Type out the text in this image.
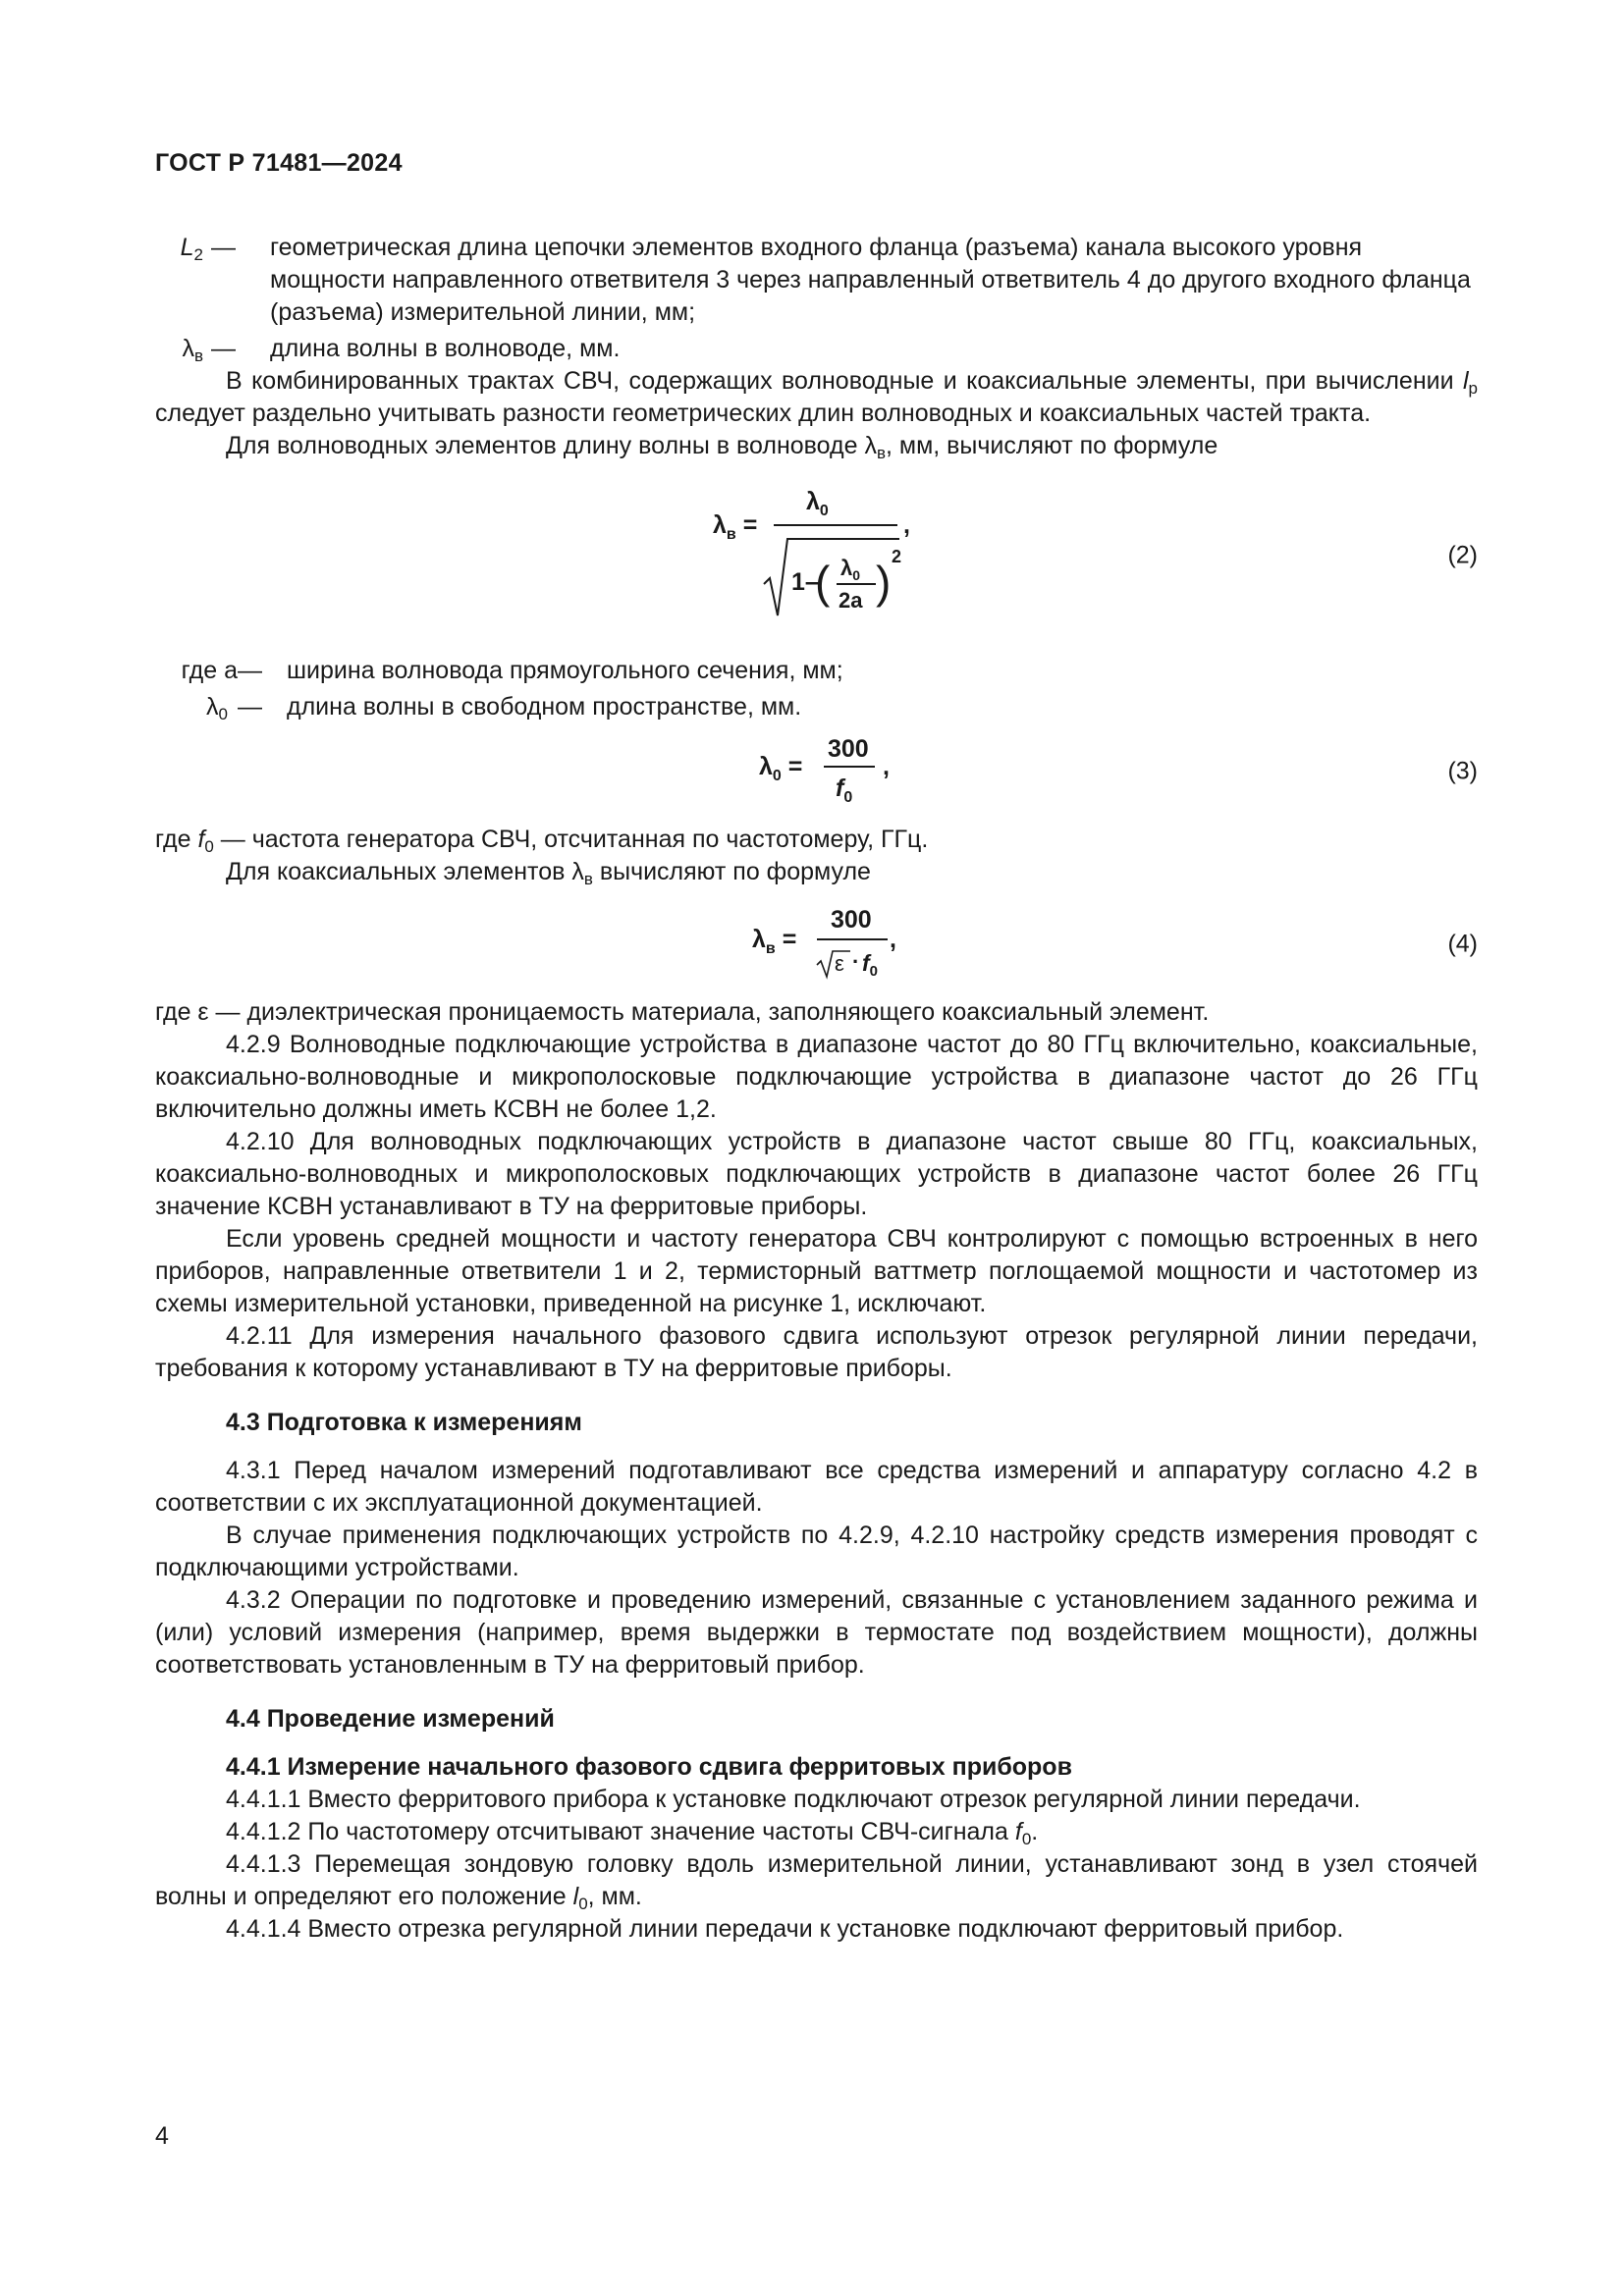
ГОСТ Р 71481—2024
$L_2$ —	геометрическая длина цепочки элементов входного фланца (разъема) канала высокого уровня мощности направленного ответвителя 3 через направленный ответвитель 4 до другого входного фланца (разъема) измерительной линии, мм;
$\lambda_в$ —	длина волны в волноводе, мм.

В комбинированных трактах СВЧ, содержащих волноводные и коаксиальные элементы, при вычислении $l_p$ следует раздельно учитывать разности геометрических длин волноводных и коаксиальных частей тракта.

Для волноводных элементов длину волны в волноводе $\lambda_в$, мм, вычисляют по формуле

$\lambda_в$ =
$\lambda_0$
1–
( $\lambda_0$
2a ) 2
,
(2)
где a —	ширина волновода прямоугольного сечения, мм;
$\lambda_0$ —	длина волны в свободном пространстве, мм.
$\lambda_0$ =
300
$f_0$
,	(3)

где $f_0$ — частота генератора СВЧ, отсчитанная по частотомеру, ГГц.

Для коаксиальных элементов $\lambda_в$ вычисляют по формуле

$\lambda_в$ =
300
$\varepsilon \cdot f_0$
,	(4)

где ε — диэлектрическая проницаемость материала, заполняющего коаксиальный элемент.

4.2.9 Волноводные подключающие устройства в диапазоне частот до 80 ГГц включительно, коаксиальные, коаксиально-волноводные и микрополосковые подключающие устройства в диапазоне частот до 26 ГГц включительно должны иметь КСВН не более 1,2.

4.2.10 Для волноводных подключающих устройств в диапазоне частот свыше 80 ГГц, коаксиальных, коаксиально-волноводных и микрополосковых подключающих устройств в диапазоне частот более 26 ГГц значение КСВН устанавливают в ТУ на ферритовые приборы.

Если уровень средней мощности и частоту генератора СВЧ контролируют с помощью встроенных в него приборов, направленные ответвители 1 и 2, термисторный ваттметр поглощаемой мощности и частотомер из схемы измерительной установки, приведенной на рисунке 1, исключают.

4.2.11 Для измерения начального фазового сдвига используют отрезок регулярной линии передачи, требования к которому устанавливают в ТУ на ферритовые приборы.

4.3 Подготовка к измерениям

4.3.1 Перед началом измерений подготавливают все средства измерений и аппаратуру согласно 4.2 в соответствии с их эксплуатационной документацией.

В случае применения подключающих устройств по 4.2.9, 4.2.10 настройку средств измерения проводят с подключающими устройствами.

4.3.2 Операции по подготовке и проведению измерений, связанные с установлением заданного режима и (или) условий измерения (например, время выдержки в термостате под воздействием мощности), должны соответствовать установленным в ТУ на ферритовый прибор.

4.4 Проведение измерений
4.4.1 Измерение начального фазового сдвига ферритовых приборов

4.4.1.1 Вместо ферритового прибора к установке подключают отрезок регулярной линии передачи.

4.4.1.2 По частотомеру отсчитывают значение частоты СВЧ-сигнала $f_0$.

4.4.1.3 Перемещая зондовую головку вдоль измерительной линии, устанавливают зонд в узел стоячей волны и определяют его положение $l_0$, мм.

4.4.1.4 Вместо отрезка регулярной линии передачи к установке подключают ферритовый прибор.

4
